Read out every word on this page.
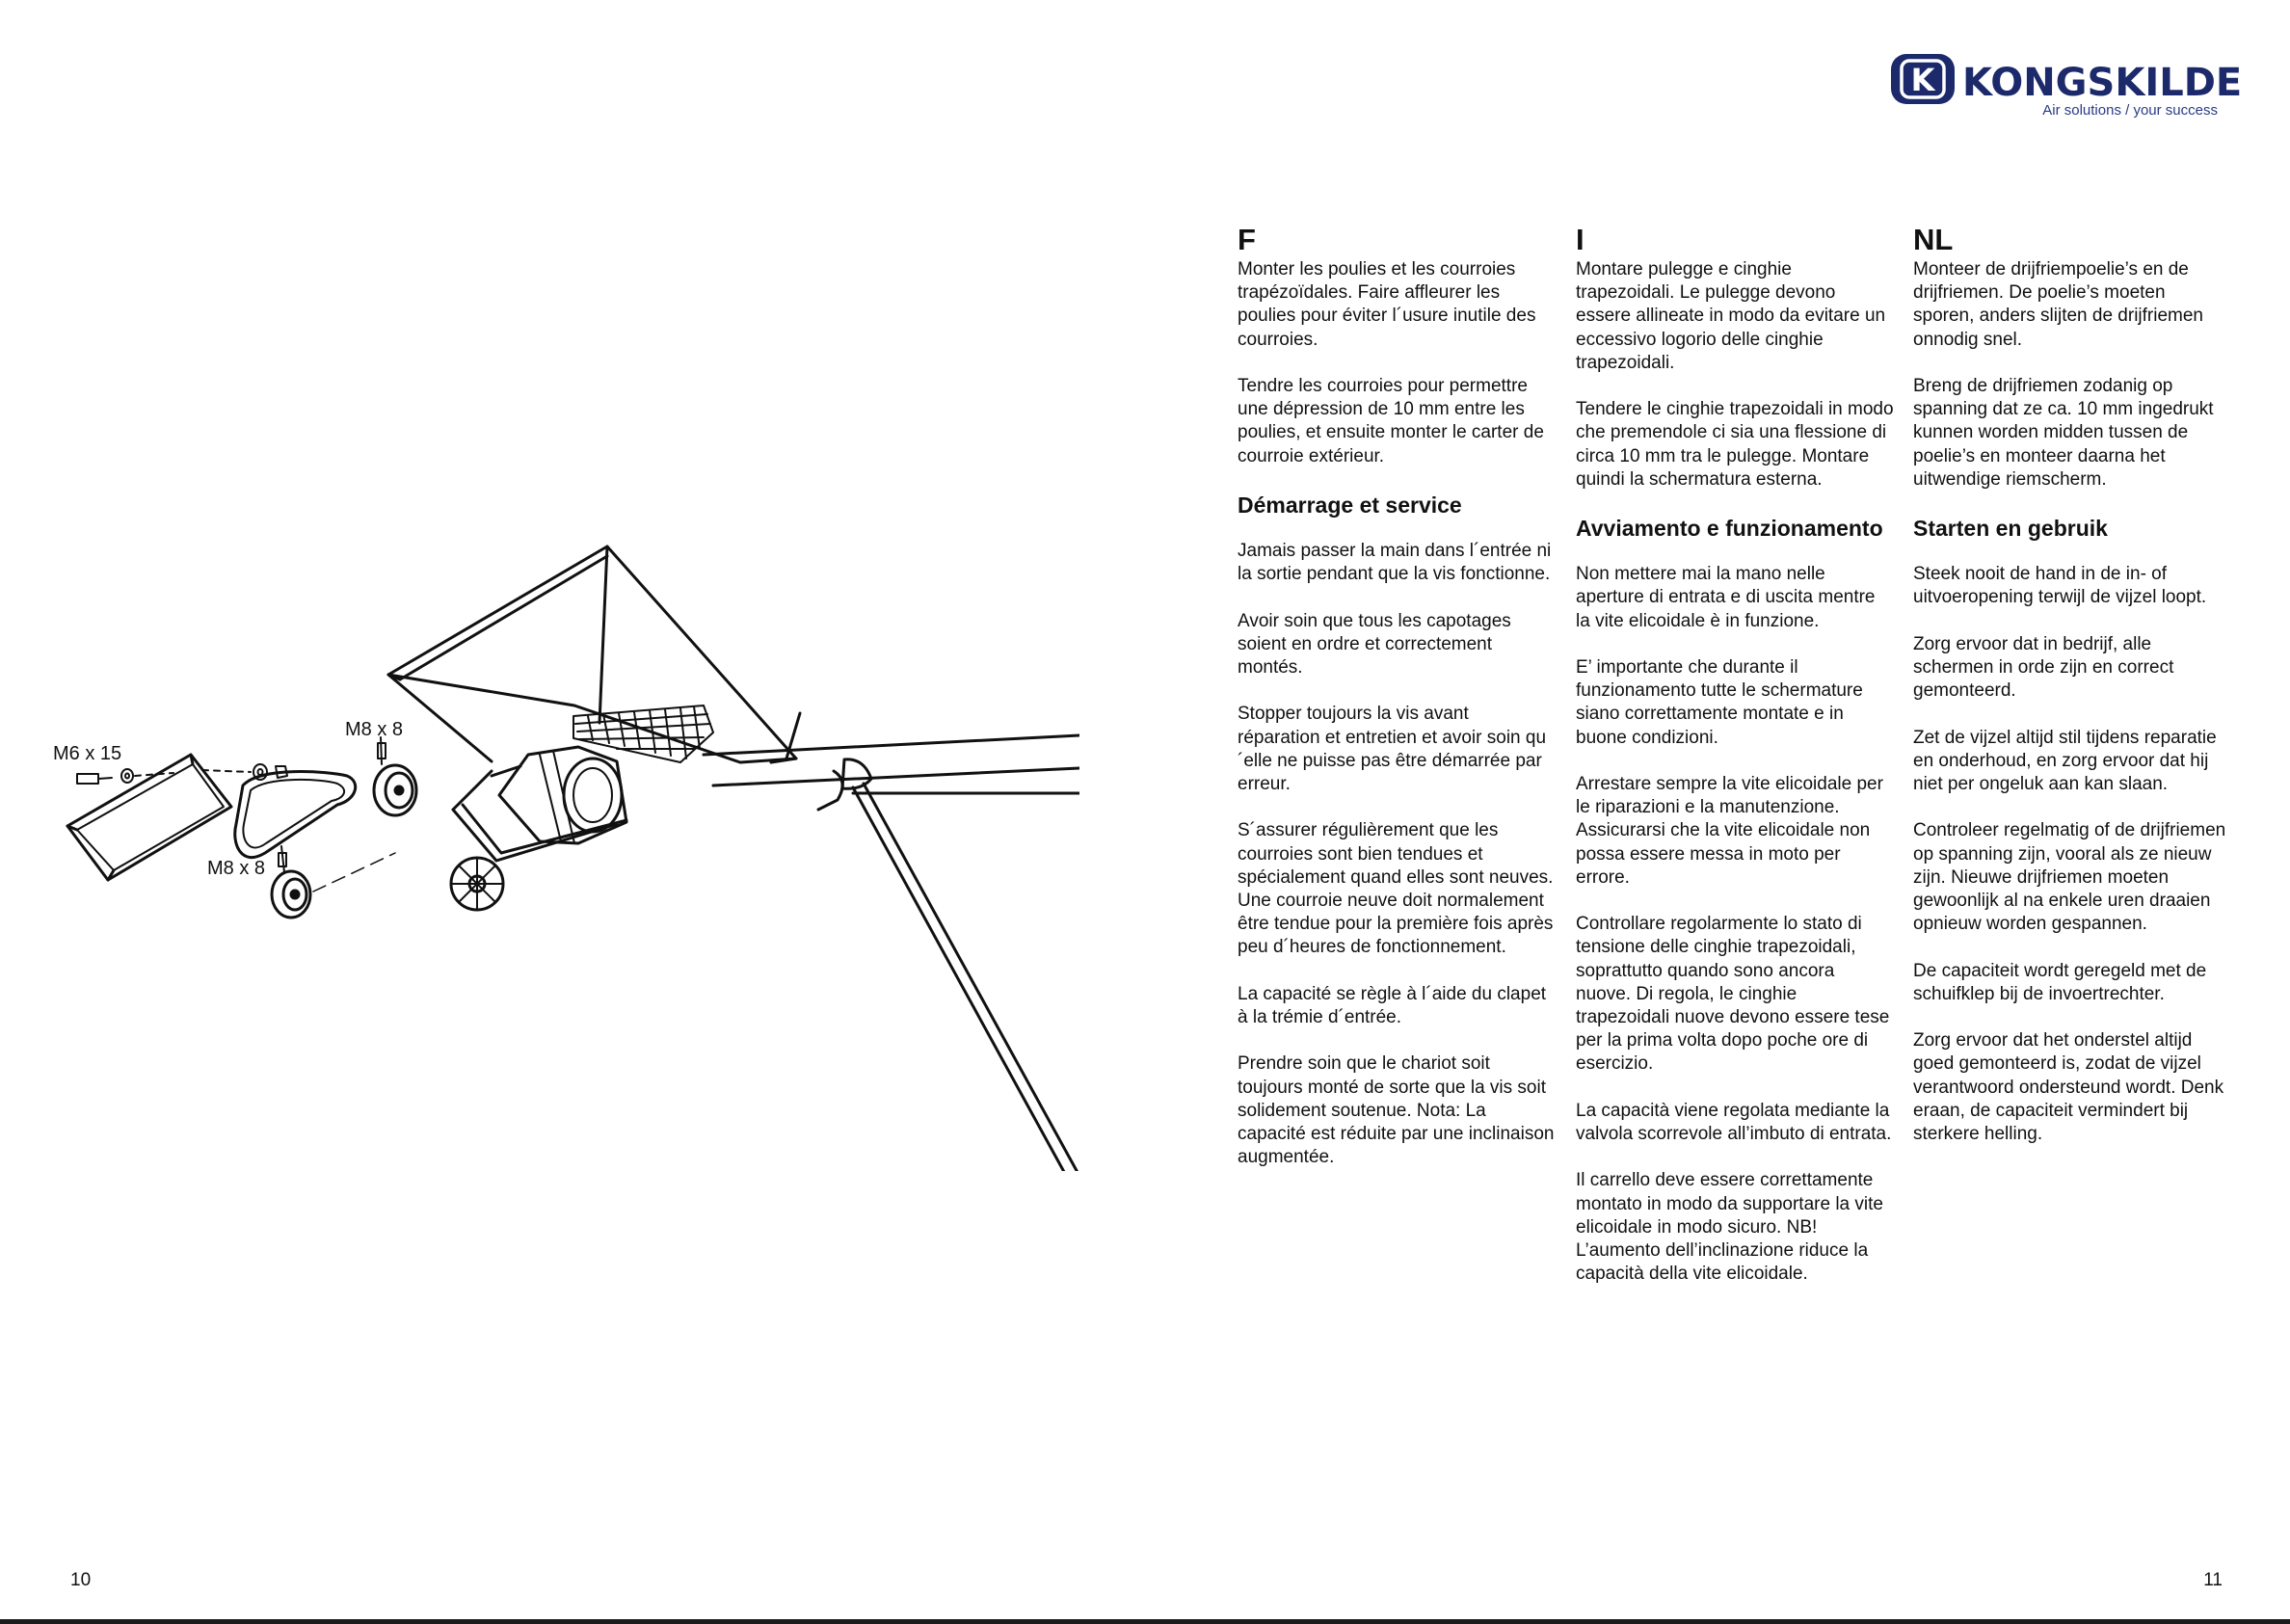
K KONGSKILDE
Air solutions / your success
M6 x 15
M8 x 8
M8 x 8
F

Monter les poulies et les courroies trapézoïdales. Faire affleurer les poulies pour éviter l´usure inutile des courroies.

Tendre les courroies pour permettre une dépression de 10 mm entre les poulies, et ensuite monter le carter de courroie extérieur.

Démarrage et service

Jamais passer la main dans l´entrée ni la sortie pendant que la vis fonctionne.

Avoir soin que tous les capotages soient en ordre et correctement montés.

Stopper toujours la vis avant réparation et entretien et avoir soin qu´elle ne puisse pas être démarrée par erreur.

S´assurer régulièrement que les courroies sont bien tendues et spécialement quand elles sont neuves. Une courroie neuve doit normalement être tendue pour la première fois après peu d´heures de fonctionnement.

La capacité se règle à l´aide du clapet à la trémie d´entrée.

Prendre soin que le chariot soit toujours monté de sorte que la vis soit solidement soutenue. Nota: La capacité est réduite par une inclinaison augmentée.

I

Montare pulegge e cinghie trapezoidali. Le pulegge devono essere allineate in modo da evitare un eccessivo logorio delle cinghie trapezoidali.

Tendere le cinghie trapezoidali in modo che premendole ci sia una flessione di circa 10 mm tra le pulegge. Montare quindi la schermatura esterna.

Avviamento e funzionamento

Non mettere mai la mano nelle aperture di entrata e di uscita mentre la vite elicoidale è in funzione.

E’ importante che durante il funzionamento tutte le schermature siano correttamente montate e in buone condizioni.

Arrestare sempre la vite elicoidale per le riparazioni e la manutenzione. Assicurarsi che la vite elicoidale non possa essere messa in moto per errore.

Controllare regolarmente lo stato di tensione delle cinghie trapezoidali, soprattutto quando sono ancora nuove. Di regola, le cinghie trapezoidali nuove devono essere tese per la prima volta dopo poche ore di esercizio.

La capacità viene regolata mediante la valvola scorrevole all’imbuto di entrata.

Il carrello deve essere correttamente montato in modo da supportare la vite elicoidale in modo sicuro. NB! L’aumento dell’inclinazione riduce la capacità della vite elicoidale.

NL

Monteer de drijfriempoelie’s en de drijfriemen. De poelie’s moeten sporen, anders slijten de drijfriemen onnodig snel.

Breng de drijfriemen zodanig op spanning dat ze ca. 10 mm ingedrukt kunnen worden midden tussen de poelie’s en monteer daarna het uitwendige riemscherm.

Starten en gebruik

Steek nooit de hand in de in- of uitvoeropening terwijl de vijzel loopt.

Zorg ervoor dat in bedrijf, alle schermen in orde zijn en correct gemonteerd.

Zet de vijzel altijd stil tijdens reparatie en onderhoud, en zorg ervoor dat hij niet per ongeluk aan kan slaan.

Controleer regelmatig of de drijfriemen op spanning zijn, vooral als ze nieuw zijn. Nieuwe drijfriemen moeten gewoonlijk al na enkele uren draaien opnieuw worden gespannen.

De capaciteit wordt geregeld met de schuifklep bij de invoertrechter.

Zorg ervoor dat het onderstel altijd goed gemonteerd is, zodat de vijzel verantwoord ondersteund wordt. Denk eraan, de capaciteit vermindert bij sterkere helling.

10	11
